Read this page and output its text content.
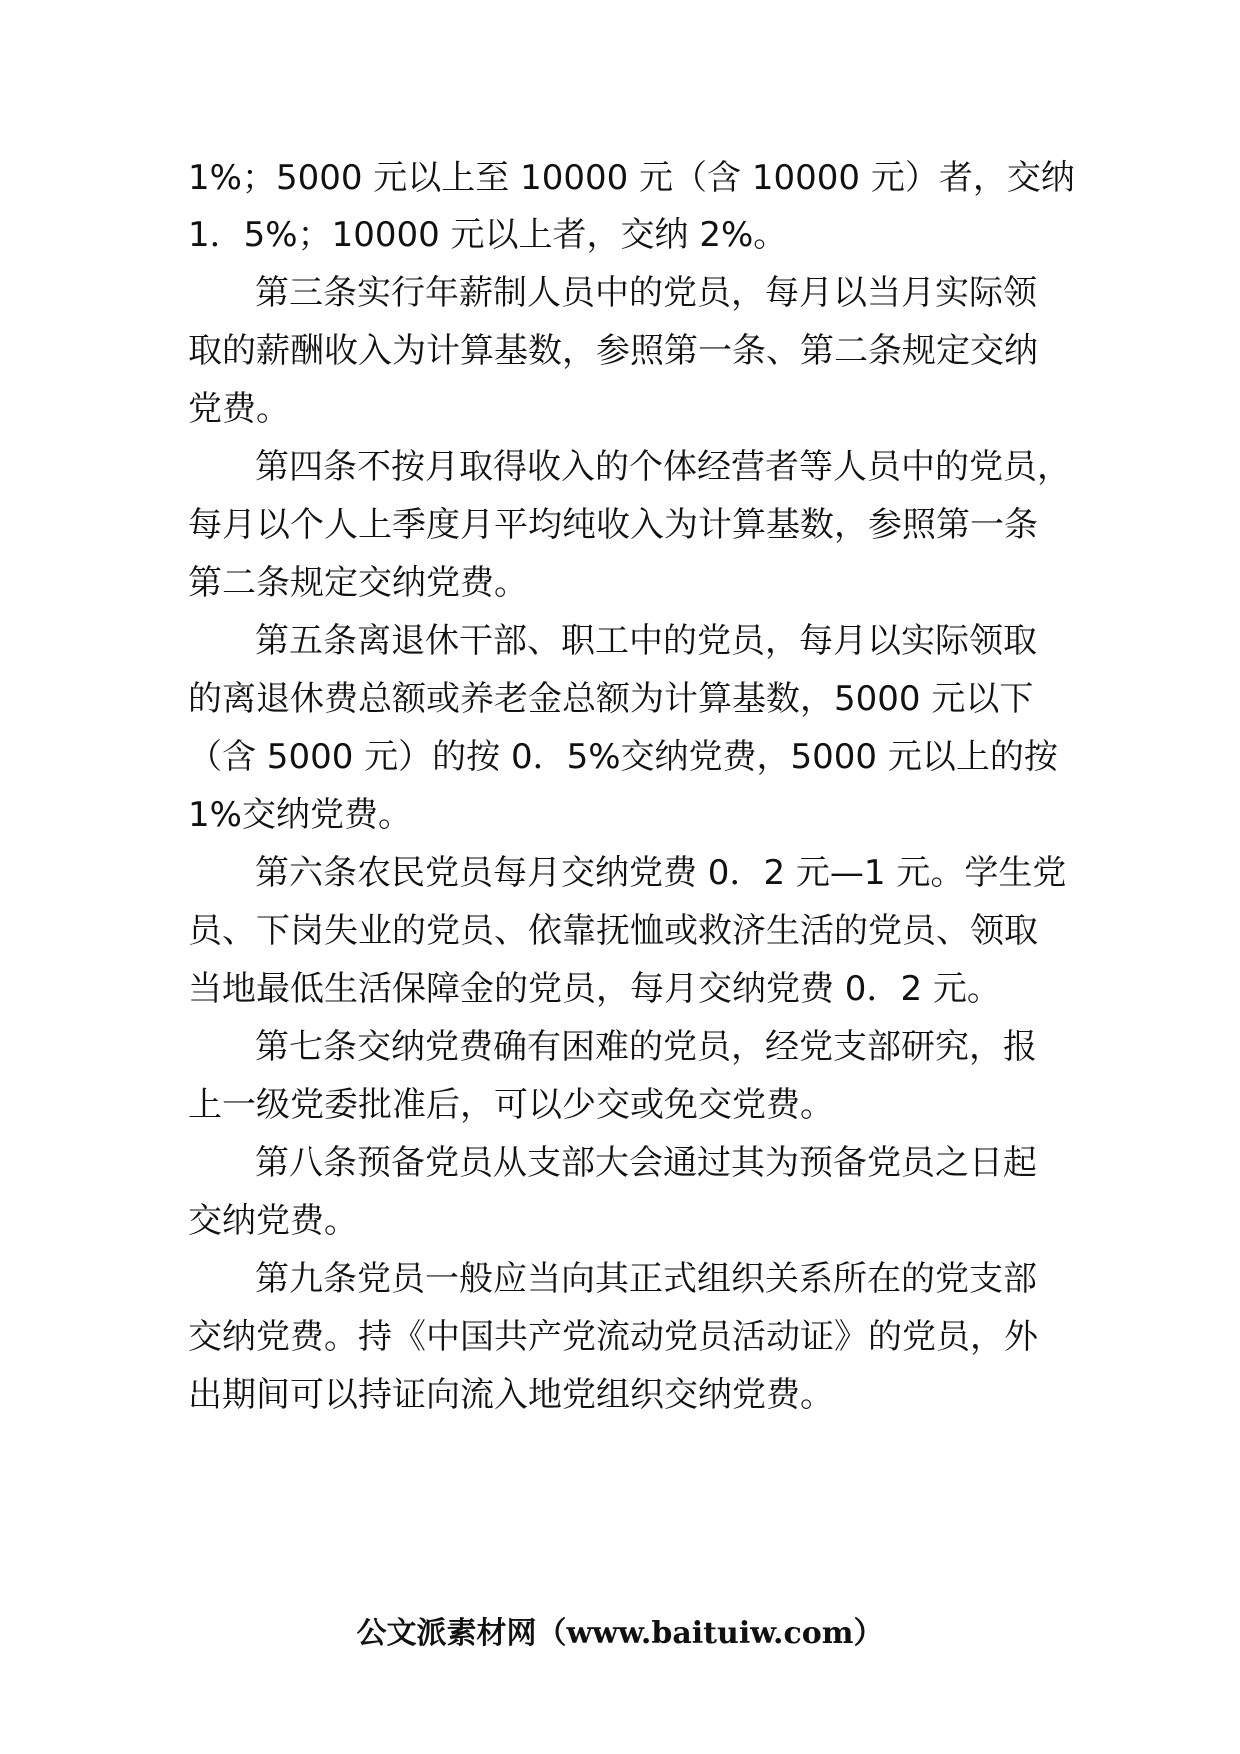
1%；5000 元以上至 10000 元（含 10000 元）者，交纳
1．5%；10000 元以上者，交纳 2%。
第三条实行年薪制人员中的党员，每月以当月实际领
取的薪酬收入为计算基数，参照第一条、第二条规定交纳
党费。
第四条不按月取得收入的个体经营者等人员中的党员，
每月以个人上季度月平均纯收入为计算基数，参照第一条
第二条规定交纳党费。
第五条离退休干部、职工中的党员，每月以实际领取
的离退休费总额或养老金总额为计算基数，5000 元以下
（含 5000 元）的按 0．5%交纳党费，5000 元以上的按
1%交纳党费。
第六条农民党员每月交纳党费 0．2 元—1 元。学生党
员、下岗失业的党员、依靠抚恤或救济生活的党员、领取
当地最低生活保障金的党员，每月交纳党费 0．2 元。
第七条交纳党费确有困难的党员，经党支部研究，报
上一级党委批准后，可以少交或免交党费。
第八条预备党员从支部大会通过其为预备党员之日起
交纳党费。
第九条党员一般应当向其正式组织关系所在的党支部
交纳党费。持《中国共产党流动党员活动证》的党员，外
出期间可以持证向流入地党组织交纳党费。
公文派素材网（www.baituiw.com）
